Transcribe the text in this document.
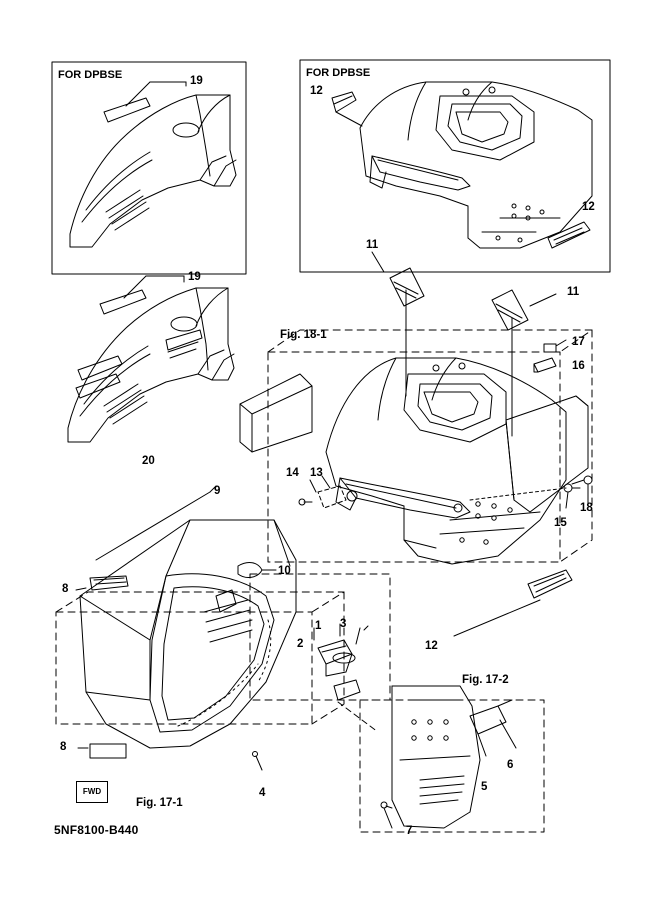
FOR DPBSE	FOR DPBSE
19
19
20
12
12
12
11
11
17
16
14 13
15
18
9
10
8
8
1
2
3
4	5
6
7
Fig. 18-1
Fig. 17-2
Fig. 17-1
FWD
5NF8100-B440
